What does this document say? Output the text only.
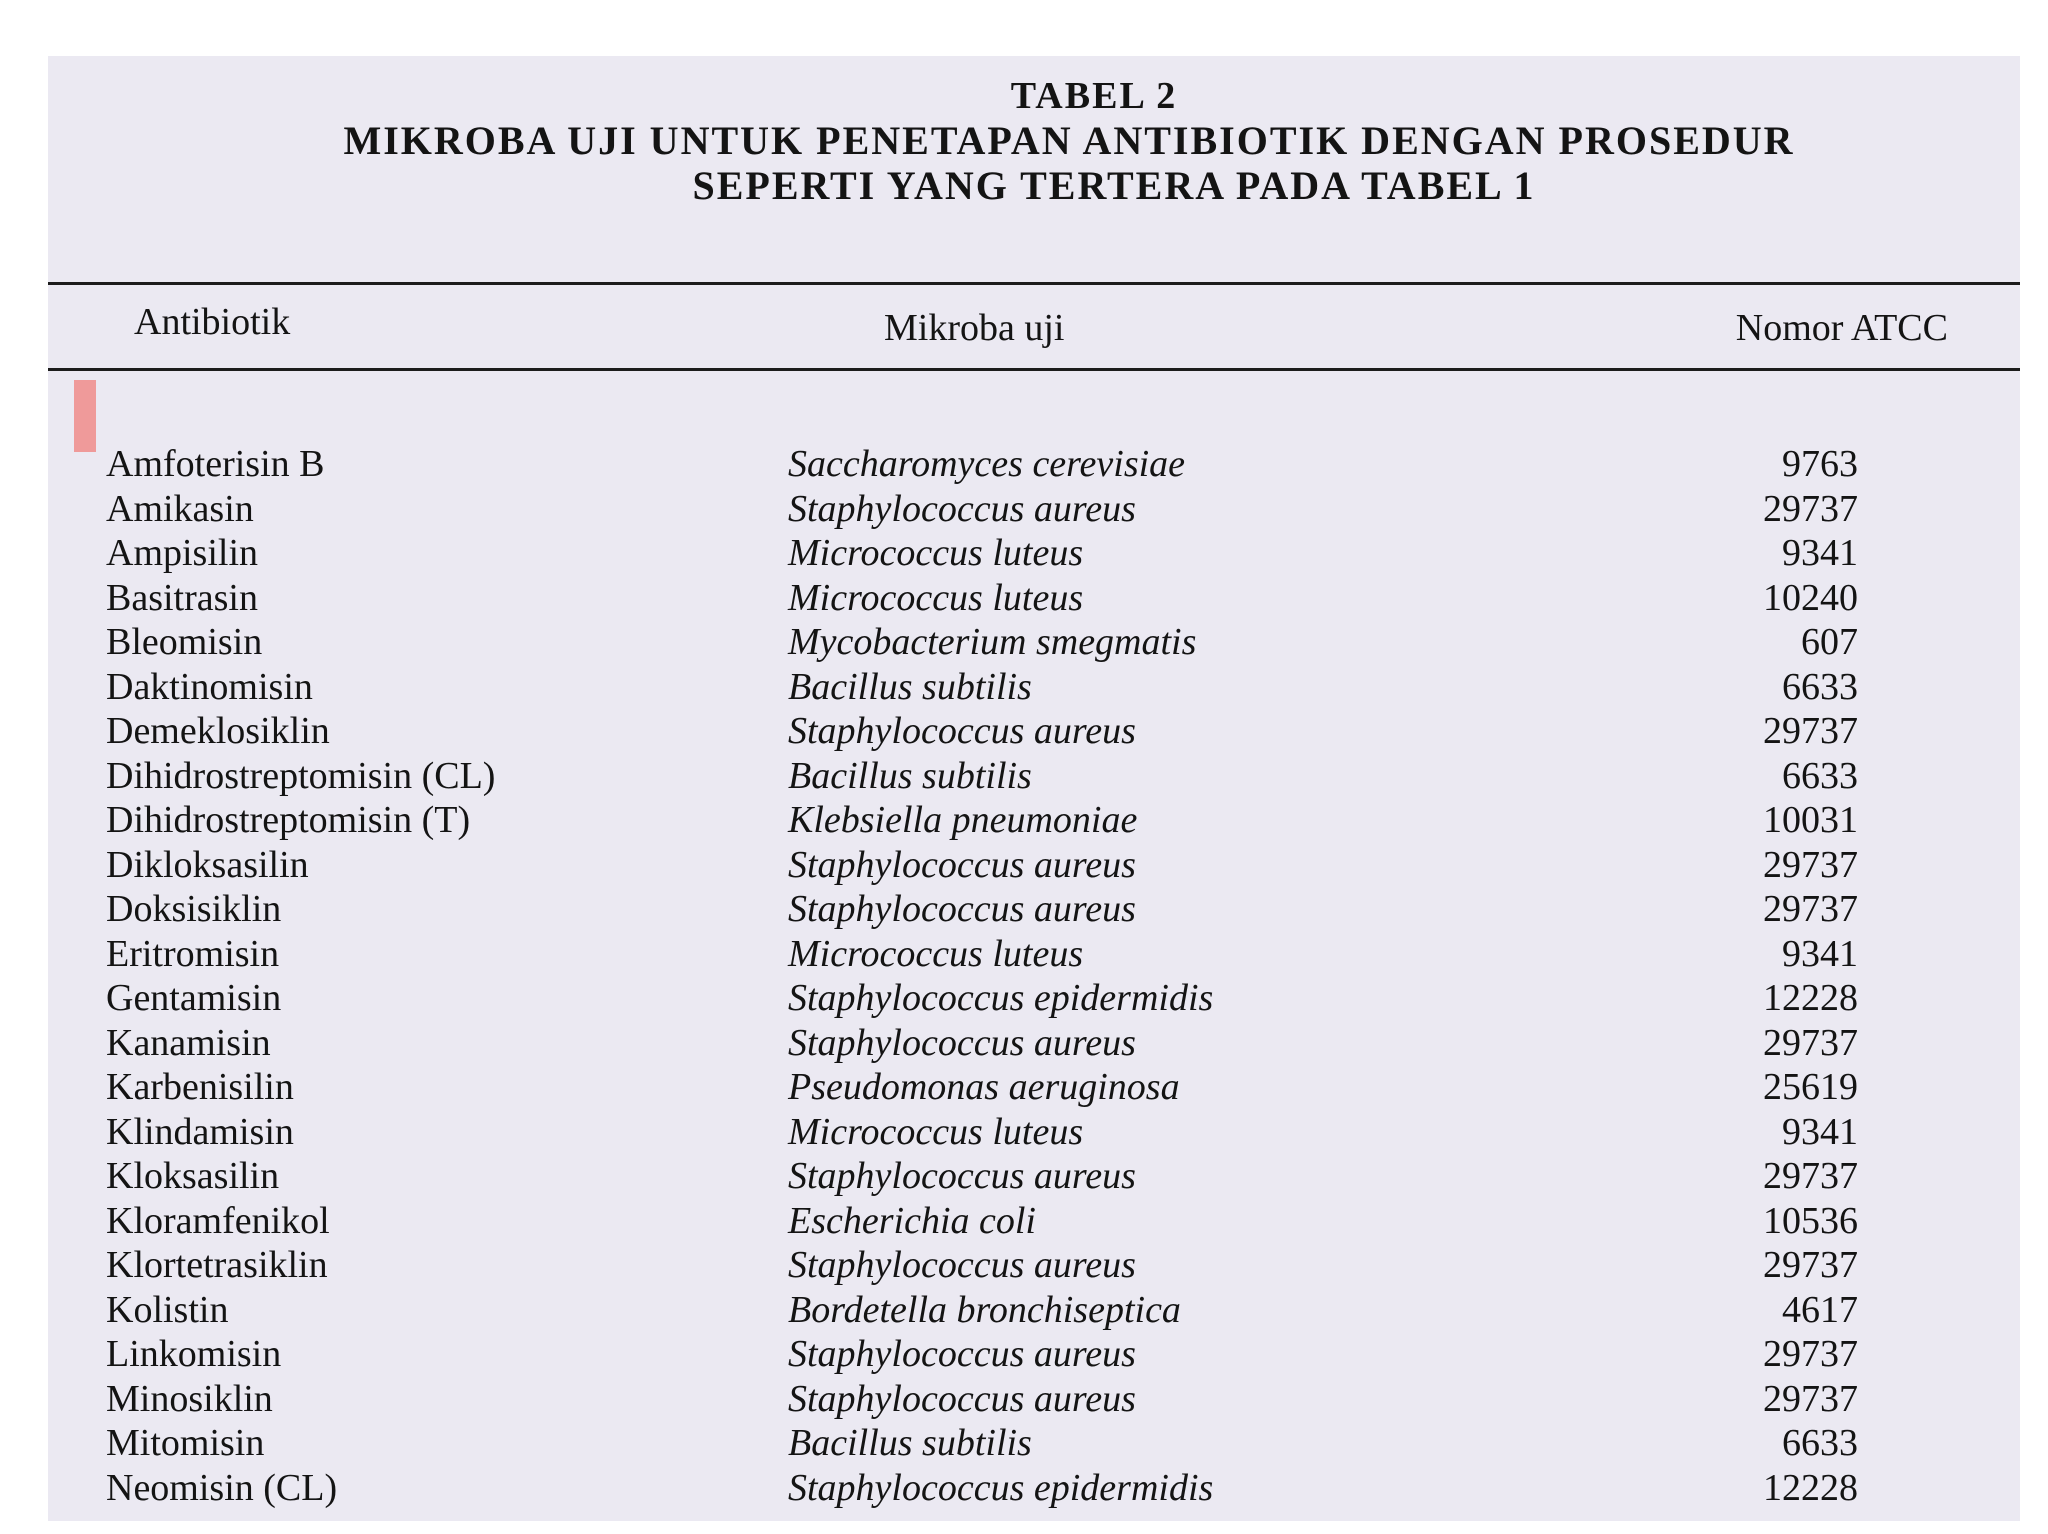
TABEL 2
MIKROBA UJI UNTUK PENETAPAN ANTIBIOTIK DENGAN PROSEDUR
SEPERTI YANG TERTERA PADA TABEL 1
Antibiotik	Mikroba uji	Nomor ATCC
Amfoterisin B	Saccharomyces cerevisiae	9763
Amikasin	Staphylococcus aureus	29737
Ampisilin	Micrococcus luteus	9341
Basitrasin	Micrococcus luteus	10240
Bleomisin	Mycobacterium smegmatis	607
Daktinomisin	Bacillus subtilis	6633
Demeklosiklin	Staphylococcus aureus	29737
Dihidrostreptomisin (CL)	Bacillus subtilis	6633
Dihidrostreptomisin (T)	Klebsiella pneumoniae	10031
Dikloksasilin	Staphylococcus aureus	29737
Doksisiklin	Staphylococcus aureus	29737
Eritromisin	Micrococcus luteus	9341
Gentamisin	Staphylococcus epidermidis	12228
Kanamisin	Staphylococcus aureus	29737
Karbenisilin	Pseudomonas aeruginosa	25619
Klindamisin	Micrococcus luteus	9341
Kloksasilin	Staphylococcus aureus	29737
Kloramfenikol	Escherichia coli	10536
Klortetrasiklin	Staphylococcus aureus	29737
Kolistin	Bordetella bronchiseptica	4617
Linkomisin	Staphylococcus aureus	29737
Minosiklin	Staphylococcus aureus	29737
Mitomisin	Bacillus subtilis	6633
Neomisin (CL)	Staphylococcus epidermidis	12228
